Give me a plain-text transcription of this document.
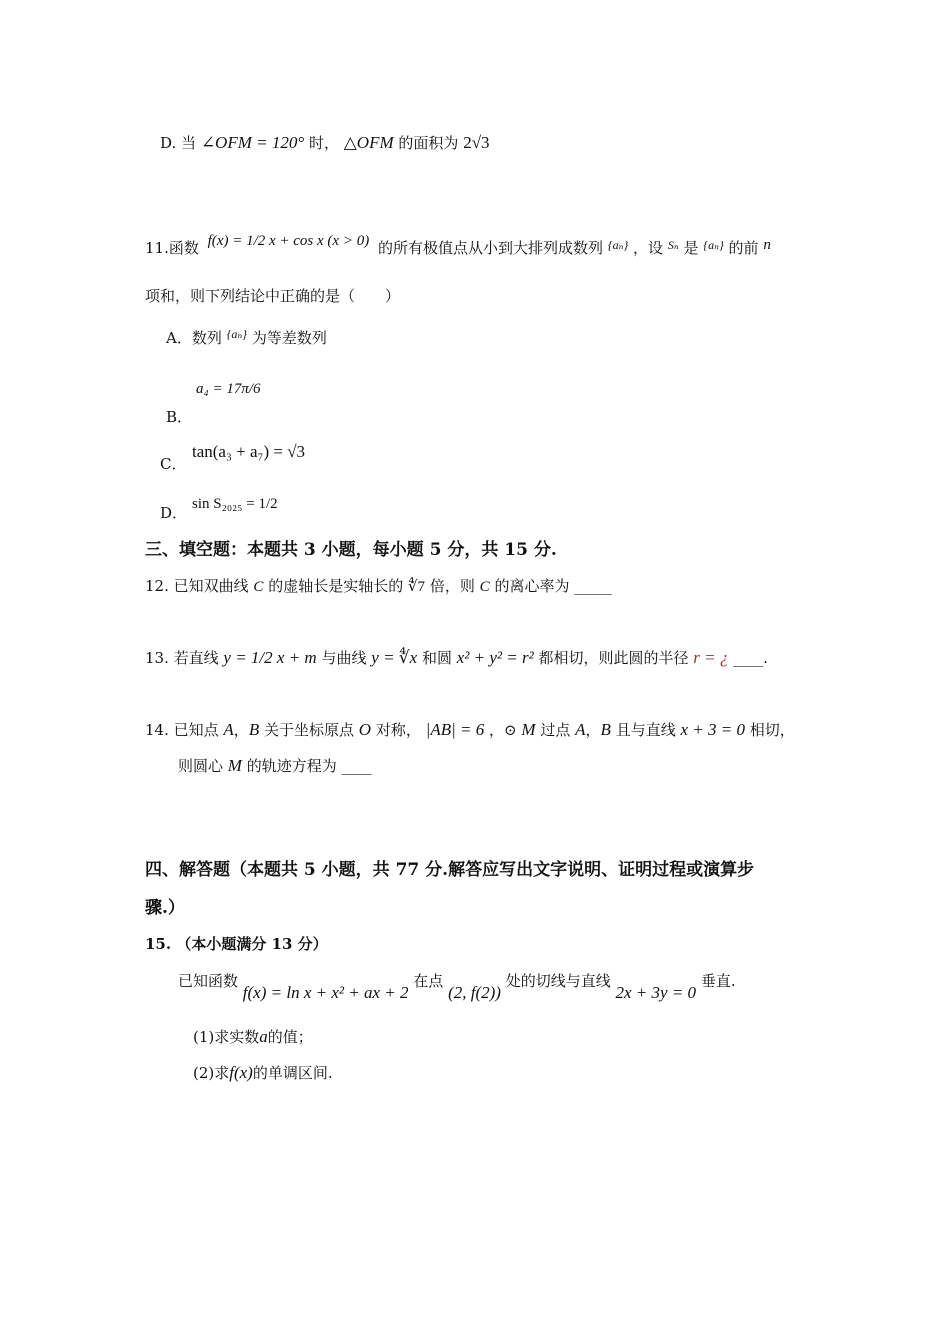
D. 当 ∠OFM = 120° 时， △OFM 的面积为 2√3
11.函数 f(x) = 1/2 x + cos x (x > 0) 的所有极值点从小到大排列成数列 $^{\{a_n\}}$ ，设 $^{S_n}$ 是 $^{\{a_n\}}$ 的前 n
项和，则下列结论中正确的是（　　）
A．数列 $^{\{a_n\}}$ 为等差数列
B．
a₄ = 17π/6
C．
tan(a₃ + a₇) = √3
D． sin S₂₀₂₅ = 1/2
三、填空题：本题共 3 小题，每小题 5 分，共 15 分.
12. 已知双曲线 C 的虚轴长是实轴长的 ∜7 倍，则 C 的离心率为 _____
13. 若直线 y = 1/2 x + m 与曲线 y = ∜x 和圆 x² + y² = r² 都相切，则此圆的半径 r = ¿ ____.
14. 已知点 A，B 关于坐标原点 O 对称， |AB| = 6 ，⊙ M 过点 A，B 且与直线 x + 3 = 0 相切，
则圆心 M 的轨迹方程为 ____
四、解答题（本题共 5 小题，共 77 分.解答应写出文字说明、证明过程或演算步
骤.）
15. （本小题满分 13 分）
已知函数 f(x) = ln x + x² + ax + 2 在点 (2, f(2)) 处的切线与直线 2x + 3y = 0 垂直.
(1)求实数a的值；
(2)求f(x)的单调区间.
